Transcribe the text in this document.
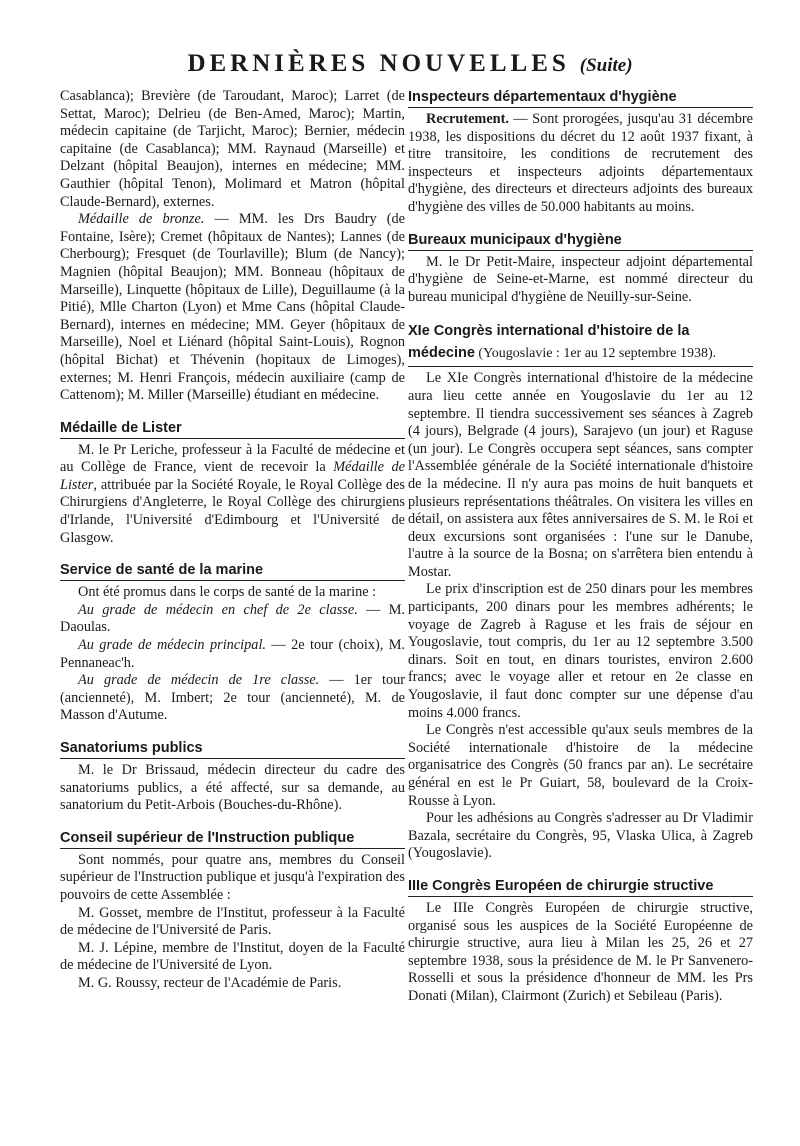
DERNIÈRES NOUVELLES (Suite)

Casablanca); Brevière (de Taroudant, Maroc); Larret (de Settat, Maroc); Delrieu (de Ben-Amed, Maroc); Martin, médecin capitaine (de Tarjicht, Maroc); Bernier, médecin capitaine (de Casablanca); MM. Raynaud (Marseille) et Delzant (hôpital Beaujon), internes en médecine; MM. Gauthier (hôpital Tenon), Molimard et Matron (hôpital Claude-Bernard), externes.

Médaille de bronze. — MM. les Drs Baudry (de Fontaine, Isère); Cremet (hôpitaux de Nantes); Lannes (de Cherbourg); Fresquet (de Tourlaville); Blum (de Nancy); Magnien (hôpital Beaujon); MM. Bonneau (hôpitaux de Marseille), Linquette (hôpitaux de Lille), Deguillaume (à la Pitié), Mlle Charton (Lyon) et Mme Cans (hôpital Claude-Bernard), internes en médecine; MM. Geyer (hôpitaux de Marseille), Noel et Liénard (hôpital Saint-Louis), Rognon (hôpital Bichat) et Thévenin (hopitaux de Limoges), externes; M. Henri François, médecin auxiliaire (camp de Cattenom); M. Miller (Marseille) étudiant en médecine.

Médaille de Lister

M. le Pr Leriche, professeur à la Faculté de médecine et au Collège de France, vient de recevoir la Médaille de Lister, attribuée par la Société Royale, le Royal Collège des Chirurgiens d'Angleterre, le Royal Collège des chirurgiens d'Irlande, l'Université d'Edimbourg et l'Université de Glasgow.

Service de santé de la marine

Ont été promus dans le corps de santé de la marine :

Au grade de médecin en chef de 2e classe. — M. Daoulas.

Au grade de médecin principal. — 2e tour (choix), M. Pennaneac'h.

Au grade de médecin de 1re classe. — 1er tour (ancienneté), M. Imbert; 2e tour (ancienneté), M. de Masson d'Autume.

Sanatoriums publics

M. le Dr Brissaud, médecin directeur du cadre des sanatoriums publics, a été affecté, sur sa demande, au sanatorium du Petit-Arbois (Bouches-du-Rhône).

Conseil supérieur de l'Instruction publique

Sont nommés, pour quatre ans, membres du Conseil supérieur de l'Instruction publique et jusqu'à l'expiration des pouvoirs de cette Assemblée :

M. Gosset, membre de l'Institut, professeur à la Faculté de médecine de l'Université de Paris.

M. J. Lépine, membre de l'Institut, doyen de la Faculté de médecine de l'Université de Lyon.

M. G. Roussy, recteur de l'Académie de Paris.

Inspecteurs départementaux d'hygiène

Recrutement. — Sont prorogées, jusqu'au 31 décembre 1938, les dispositions du décret du 12 août 1937 fixant, à titre transitoire, les conditions de recrutement des inspecteurs et inspecteurs adjoints départementaux d'hygiène, des directeurs et directeurs adjoints des bureaux d'hygiène des villes de 50.000 habitants au moins.

Bureaux municipaux d'hygiène

M. le Dr Petit-Maire, inspecteur adjoint départemental d'hygiène de Seine-et-Marne, est nommé directeur du bureau municipal d'hygiène de Neuilly-sur-Seine.

XIe Congrès international d'histoire de la médecine (Yougoslavie : 1er au 12 septembre 1938).

Le XIe Congrès international d'histoire de la médecine aura lieu cette année en Yougoslavie du 1er au 12 septembre. Il tiendra successivement ses séances à Zagreb (4 jours), Belgrade (4 jours), Sarajevo (un jour) et Raguse (un jour). Le Congrès occupera sept séances, sans compter l'Assemblée générale de la Société internationale d'histoire de la médecine. Il n'y aura pas moins de huit banquets et plusieurs représentations théâtrales. On visitera les villes en détail, on assistera aux fêtes anniversaires de S. M. le Roi et deux excursions sont organisées : l'une sur le Danube, l'autre à la source de la Bosna; on s'arrêtera bien entendu à Mostar.

Le prix d'inscription est de 250 dinars pour les membres participants, 200 dinars pour les membres adhérents; le voyage de Zagreb à Raguse et les frais de séjour en Yougoslavie, tout compris, du 1er au 12 septembre 3.500 dinars. Soit en tout, en dinars touristes, environ 2.600 francs; avec le voyage aller et retour en 2e classe en Yougoslavie, il faut donc compter sur une dépense d'au moins 4.000 francs.

Le Congrès n'est accessible qu'aux seuls membres de la Société internationale d'histoire de la médecine organisatrice des Congrès (50 francs par an). Le secrétaire général en est le Pr Guiart, 58, boulevard de la Croix-Rousse à Lyon.

Pour les adhésions au Congrès s'adresser au Dr Vladimir Bazala, secrétaire du Congrès, 95, Vlaska Ulica, à Zagreb (Yougoslavie).

IIIe Congrès Européen de chirurgie structive

Le IIIe Congrès Européen de chirurgie structive, organisé sous les auspices de la Société Européenne de chirurgie structive, aura lieu à Milan les 25, 26 et 27 septembre 1938, sous la présidence de M. le Pr Sanvenero-Rosselli et sous la présidence d'honneur de MM. les Prs Donati (Milan), Clairmont (Zurich) et Sebileau (Paris).
